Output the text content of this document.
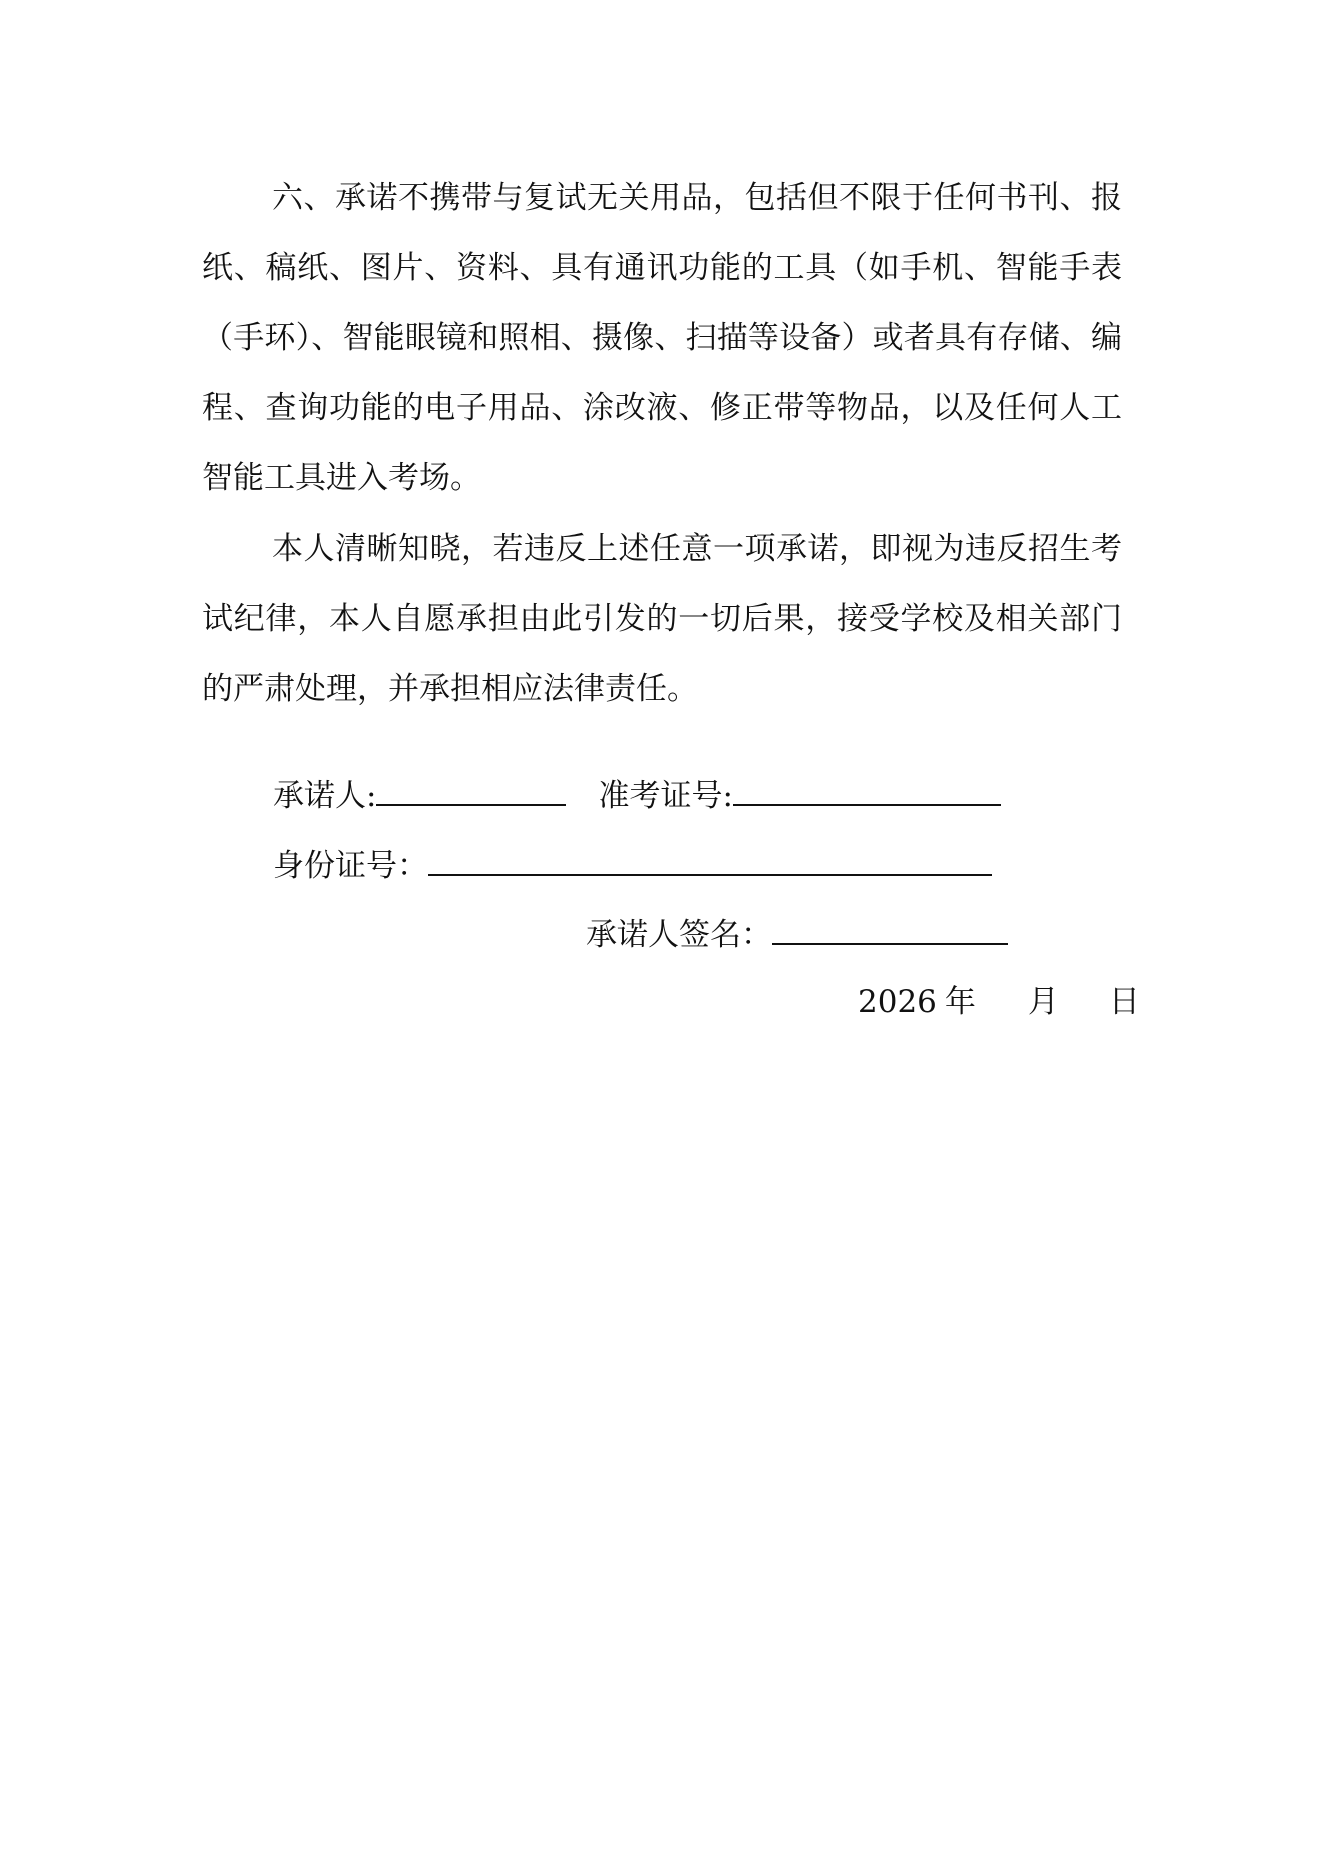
六、承诺不携带与复试无关用品，包括但不限于任何书刊、报纸、稿纸、图片、资料、具有通讯功能的工具（如手机、智能手表（手环）、智能眼镜和照相、摄像、扫描等设备）或者具有存储、编程、查询功能的电子用品、涂改液、修正带等物品，以及任何人工智能工具进入考场。

本人清晰知晓，若违反上述任意一项承诺，即视为违反招生考试纪律，本人自愿承担由此引发的一切后果，接受学校及相关部门的严肃处理，并承担相应法律责任。

承诺人:	准考证号:
身份证号：
承诺人签名：
2026 年 月 日
